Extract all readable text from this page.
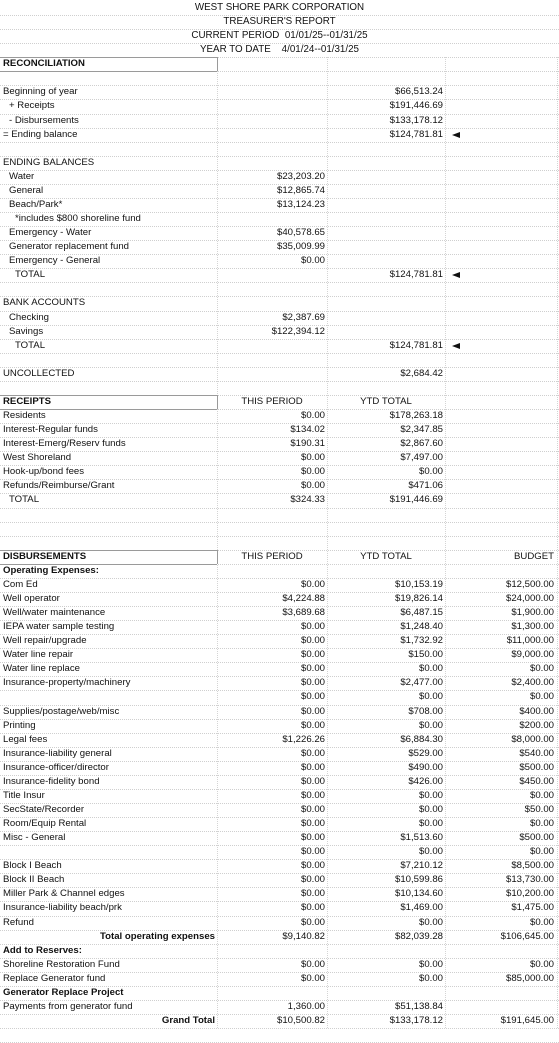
WEST SHORE PARK CORPORATION
TREASURER'S REPORT
CURRENT PERIOD 01/01/25--01/31/25
YEAR TO DATE 4/01/24--01/31/25
RECONCILIATION
Beginning of year	$66,513.24
+ Receipts	$191,446.69
- Disbursements	$133,178.12
= Ending balance	$124,781.81
ENDING BALANCES
Water	$23,203.20
General	$12,865.74
Beach/Park*	$13,124.23
*includes $800 shoreline fund
Emergency - Water	$40,578.65
Generator replacement fund	$35,009.99
Emergency - General	$0.00
TOTAL	$124,781.81
BANK ACCOUNTS
Checking	$2,387.69
Savings	$122,394.12
TOTAL	$124,781.81
UNCOLLECTED	$2,684.42
RECEIPTS	THIS PERIOD	YTD TOTAL
Residents	$0.00	$178,263.18
Interest-Regular funds	$134.02	$2,347.85
Interest-Emerg/Reserv funds	$190.31	$2,867.60
West Shoreland	$0.00	$7,497.00
Hook-up/bond fees	$0.00	$0.00
Refunds/Reimburse/Grant	$0.00	$471.06
TOTAL	$324.33	$191,446.69
DISBURSEMENTS	THIS PERIOD	YTD TOTAL	BUDGET
Operating Expenses:
Com Ed	$0.00	$10,153.19	$12,500.00
Well operator	$4,224.88	$19,826.14	$24,000.00
Well/water maintenance	$3,689.68	$6,487.15	$1,900.00
IEPA water sample testing	$0.00	$1,248.40	$1,300.00
Well repair/upgrade	$0.00	$1,732.92	$11,000.00
Water line repair	$0.00	$150.00	$9,000.00
Water line replace	$0.00	$0.00	$0.00
Insurance-property/machinery	$0.00	$2,477.00	$2,400.00
$0.00	$0.00	$0.00
Supplies/postage/web/misc	$0.00	$708.00	$400.00
Printing	$0.00	$0.00	$200.00
Legal fees	$1,226.26	$6,884.30	$8,000.00
Insurance-liability general	$0.00	$529.00	$540.00
Insurance-officer/director	$0.00	$490.00	$500.00
Insurance-fidelity bond	$0.00	$426.00	$450.00
Title Insur	$0.00	$0.00	$0.00
SecState/Recorder	$0.00	$0.00	$50.00
Room/Equip Rental	$0.00	$0.00	$0.00
Misc - General	$0.00	$1,513.60	$500.00
$0.00	$0.00	$0.00
Block I Beach	$0.00	$7,210.12	$8,500.00
Block II Beach	$0.00	$10,599.86	$13,730.00
Miller Park & Channel edges	$0.00	$10,134.60	$10,200.00
Insurance-liability beach/prk	$0.00	$1,469.00	$1,475.00
Refund	$0.00	$0.00	$0.00
Total operating expenses	$9,140.82	$82,039.28	$106,645.00
Add to Reserves:
Shoreline Restoration Fund	$0.00	$0.00	$0.00
Replace Generator fund	$0.00	$0.00	$85,000.00
Generator Replace Project
Payments from generator fund	1,360.00	$51,138.84
Grand Total	$10,500.82	$133,178.12	$191,645.00
